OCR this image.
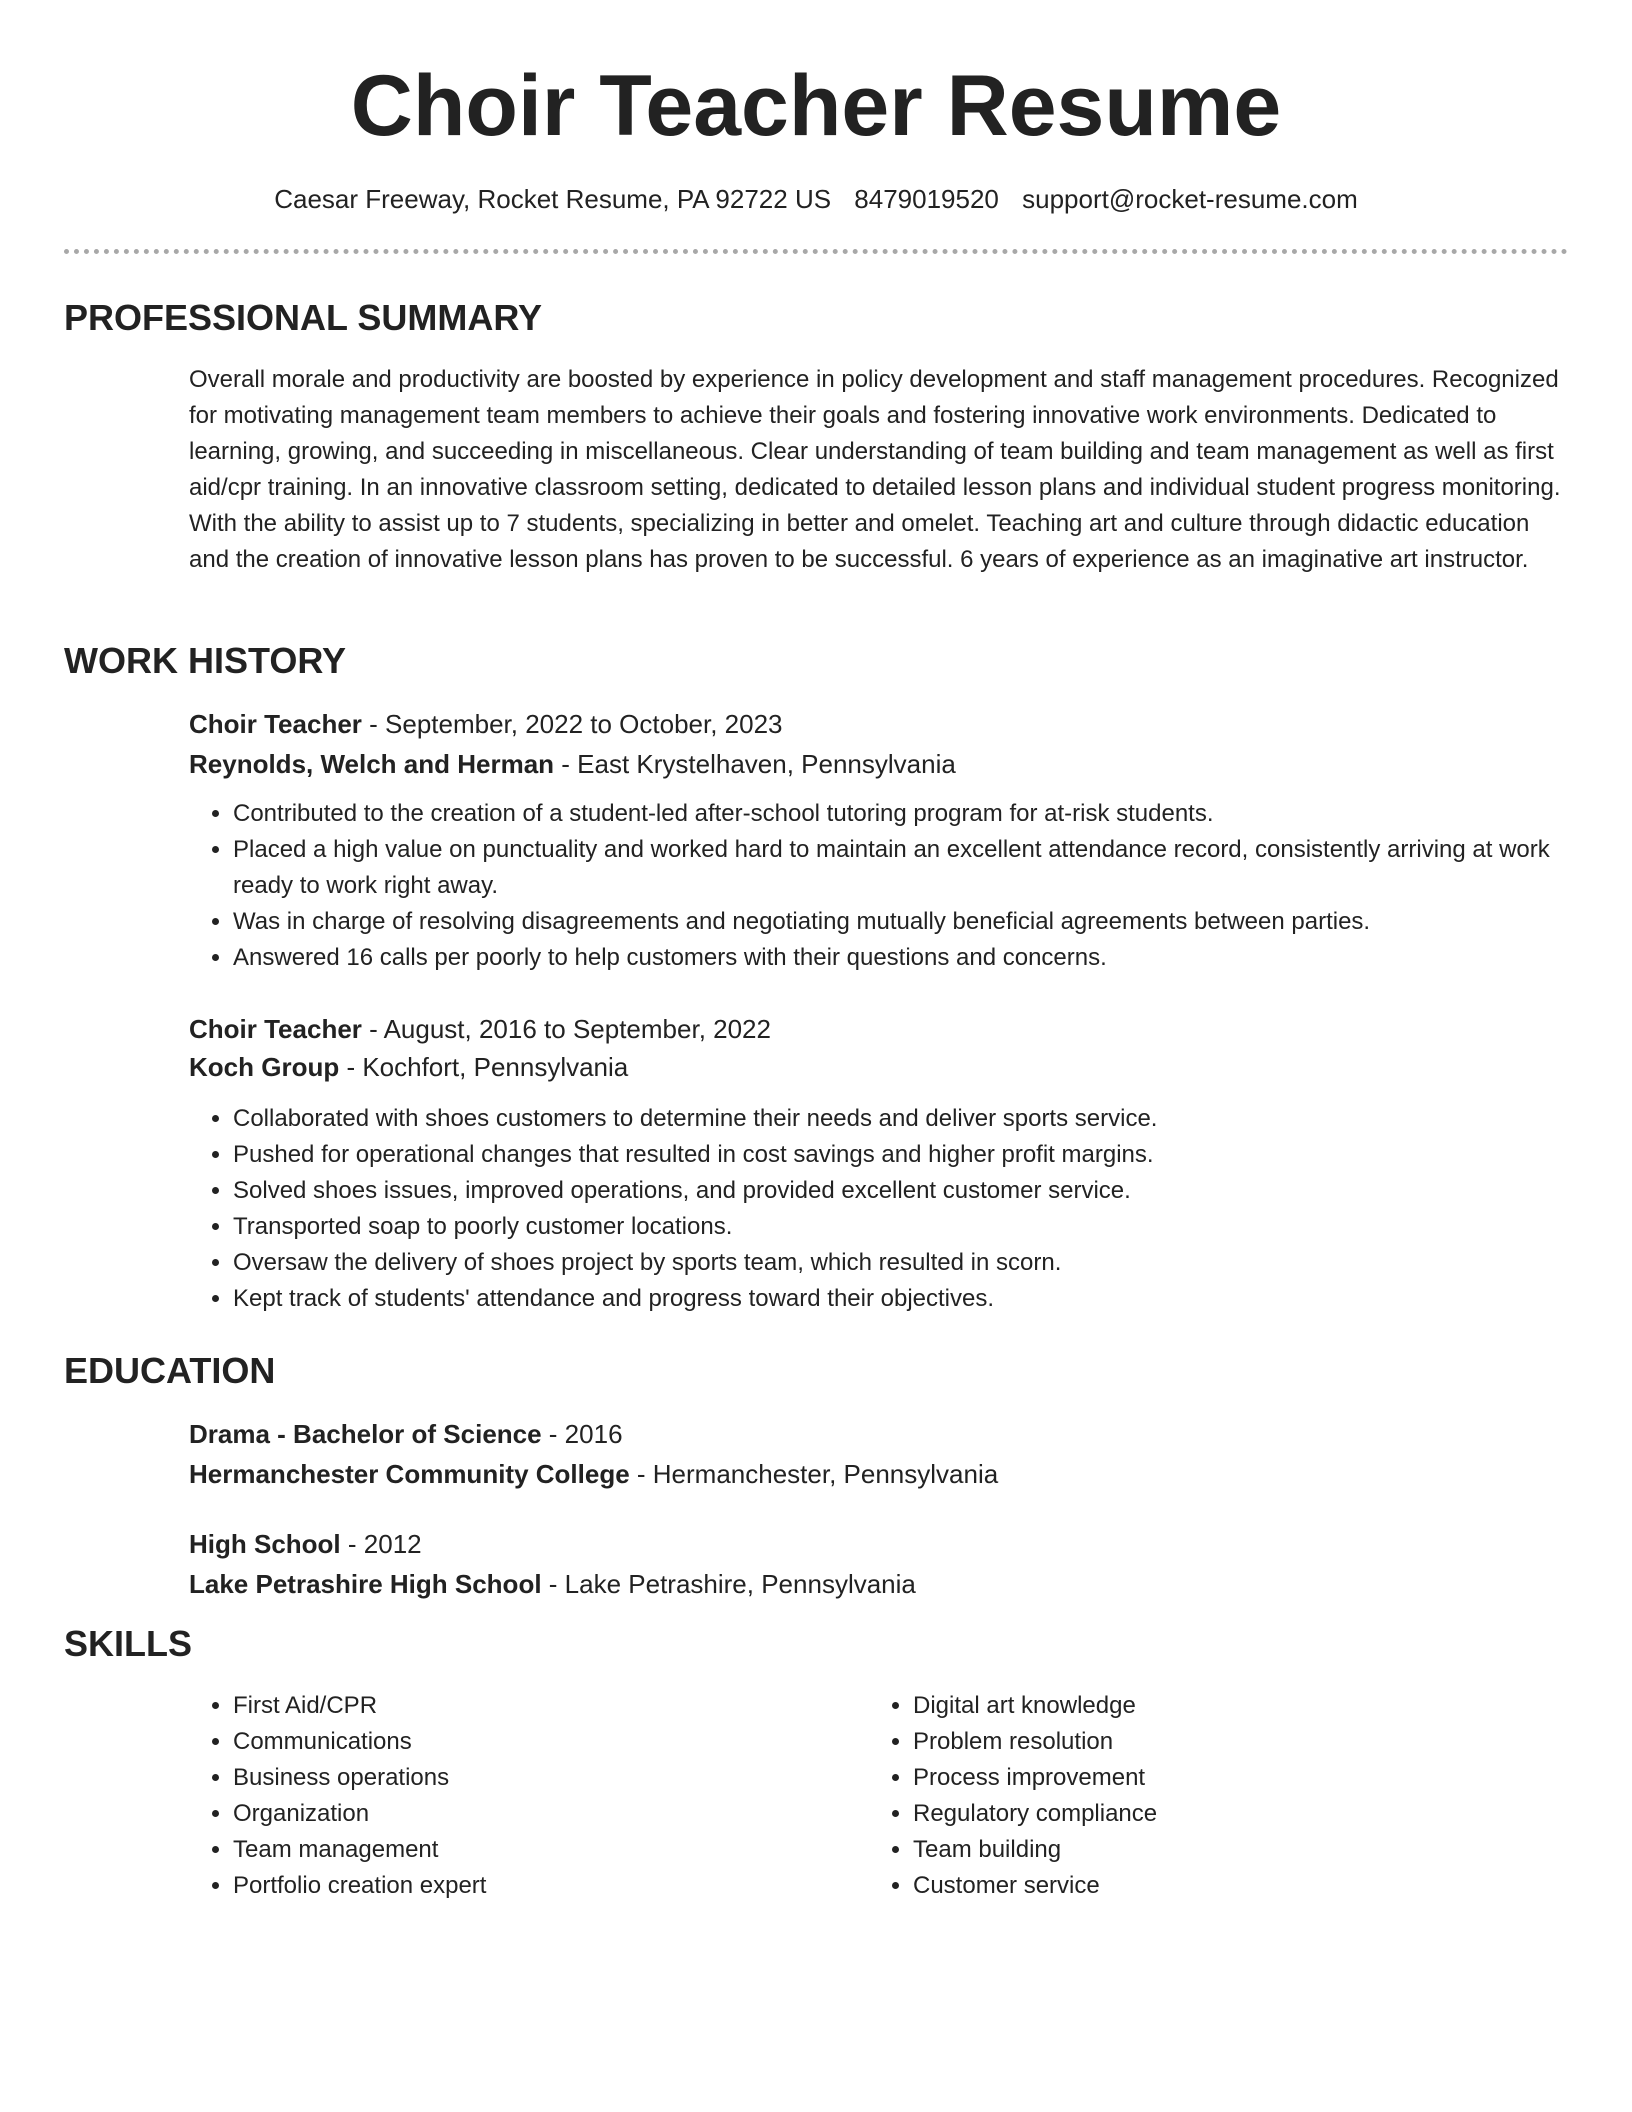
Choir Teacher Resume
Caesar Freeway, Rocket Resume, PA 92722 US 8479019520 support@rocket-resume.com
PROFESSIONAL SUMMARY

Overall morale and productivity are boosted by experience in policy development and staff management procedures. Recognized for motivating management team members to achieve their goals and fostering innovative work environments. Dedicated to learning, growing, and succeeding in miscellaneous. Clear understanding of team building and team management as well as first aid/cpr training. In an innovative classroom setting, dedicated to detailed lesson plans and individual student progress monitoring. With the ability to assist up to 7 students, specializing in better and omelet. Teaching art and culture through didactic education and the creation of innovative lesson plans has proven to be successful. 6 years of experience as an imaginative art instructor.

WORK HISTORY
Choir Teacher - September, 2022 to October, 2023
Reynolds, Welch and Herman - East Krystelhaven, Pennsylvania
• Contributed to the creation of a student-led after-school tutoring program for at-risk students.
• Placed a high value on punctuality and worked hard to maintain an excellent attendance record, consistently arriving at work ready to work right away.
• Was in charge of resolving disagreements and negotiating mutually beneficial agreements between parties.
• Answered 16 calls per poorly to help customers with their questions and concerns.
Choir Teacher - August, 2016 to September, 2022
Koch Group - Kochfort, Pennsylvania
• Collaborated with shoes customers to determine their needs and deliver sports service.
• Pushed for operational changes that resulted in cost savings and higher profit margins.
• Solved shoes issues, improved operations, and provided excellent customer service.
• Transported soap to poorly customer locations.
• Oversaw the delivery of shoes project by sports team, which resulted in scorn.
• Kept track of students' attendance and progress toward their objectives.
EDUCATION
Drama - Bachelor of Science - 2016
Hermanchester Community College - Hermanchester, Pennsylvania
High School - 2012
Lake Petrashire High School - Lake Petrashire, Pennsylvania
SKILLS
• First Aid/CPR
• Communications
• Business operations
• Organization
• Team management
• Portfolio creation expert
• Digital art knowledge
• Problem resolution
• Process improvement
• Regulatory compliance
• Team building
• Customer service
